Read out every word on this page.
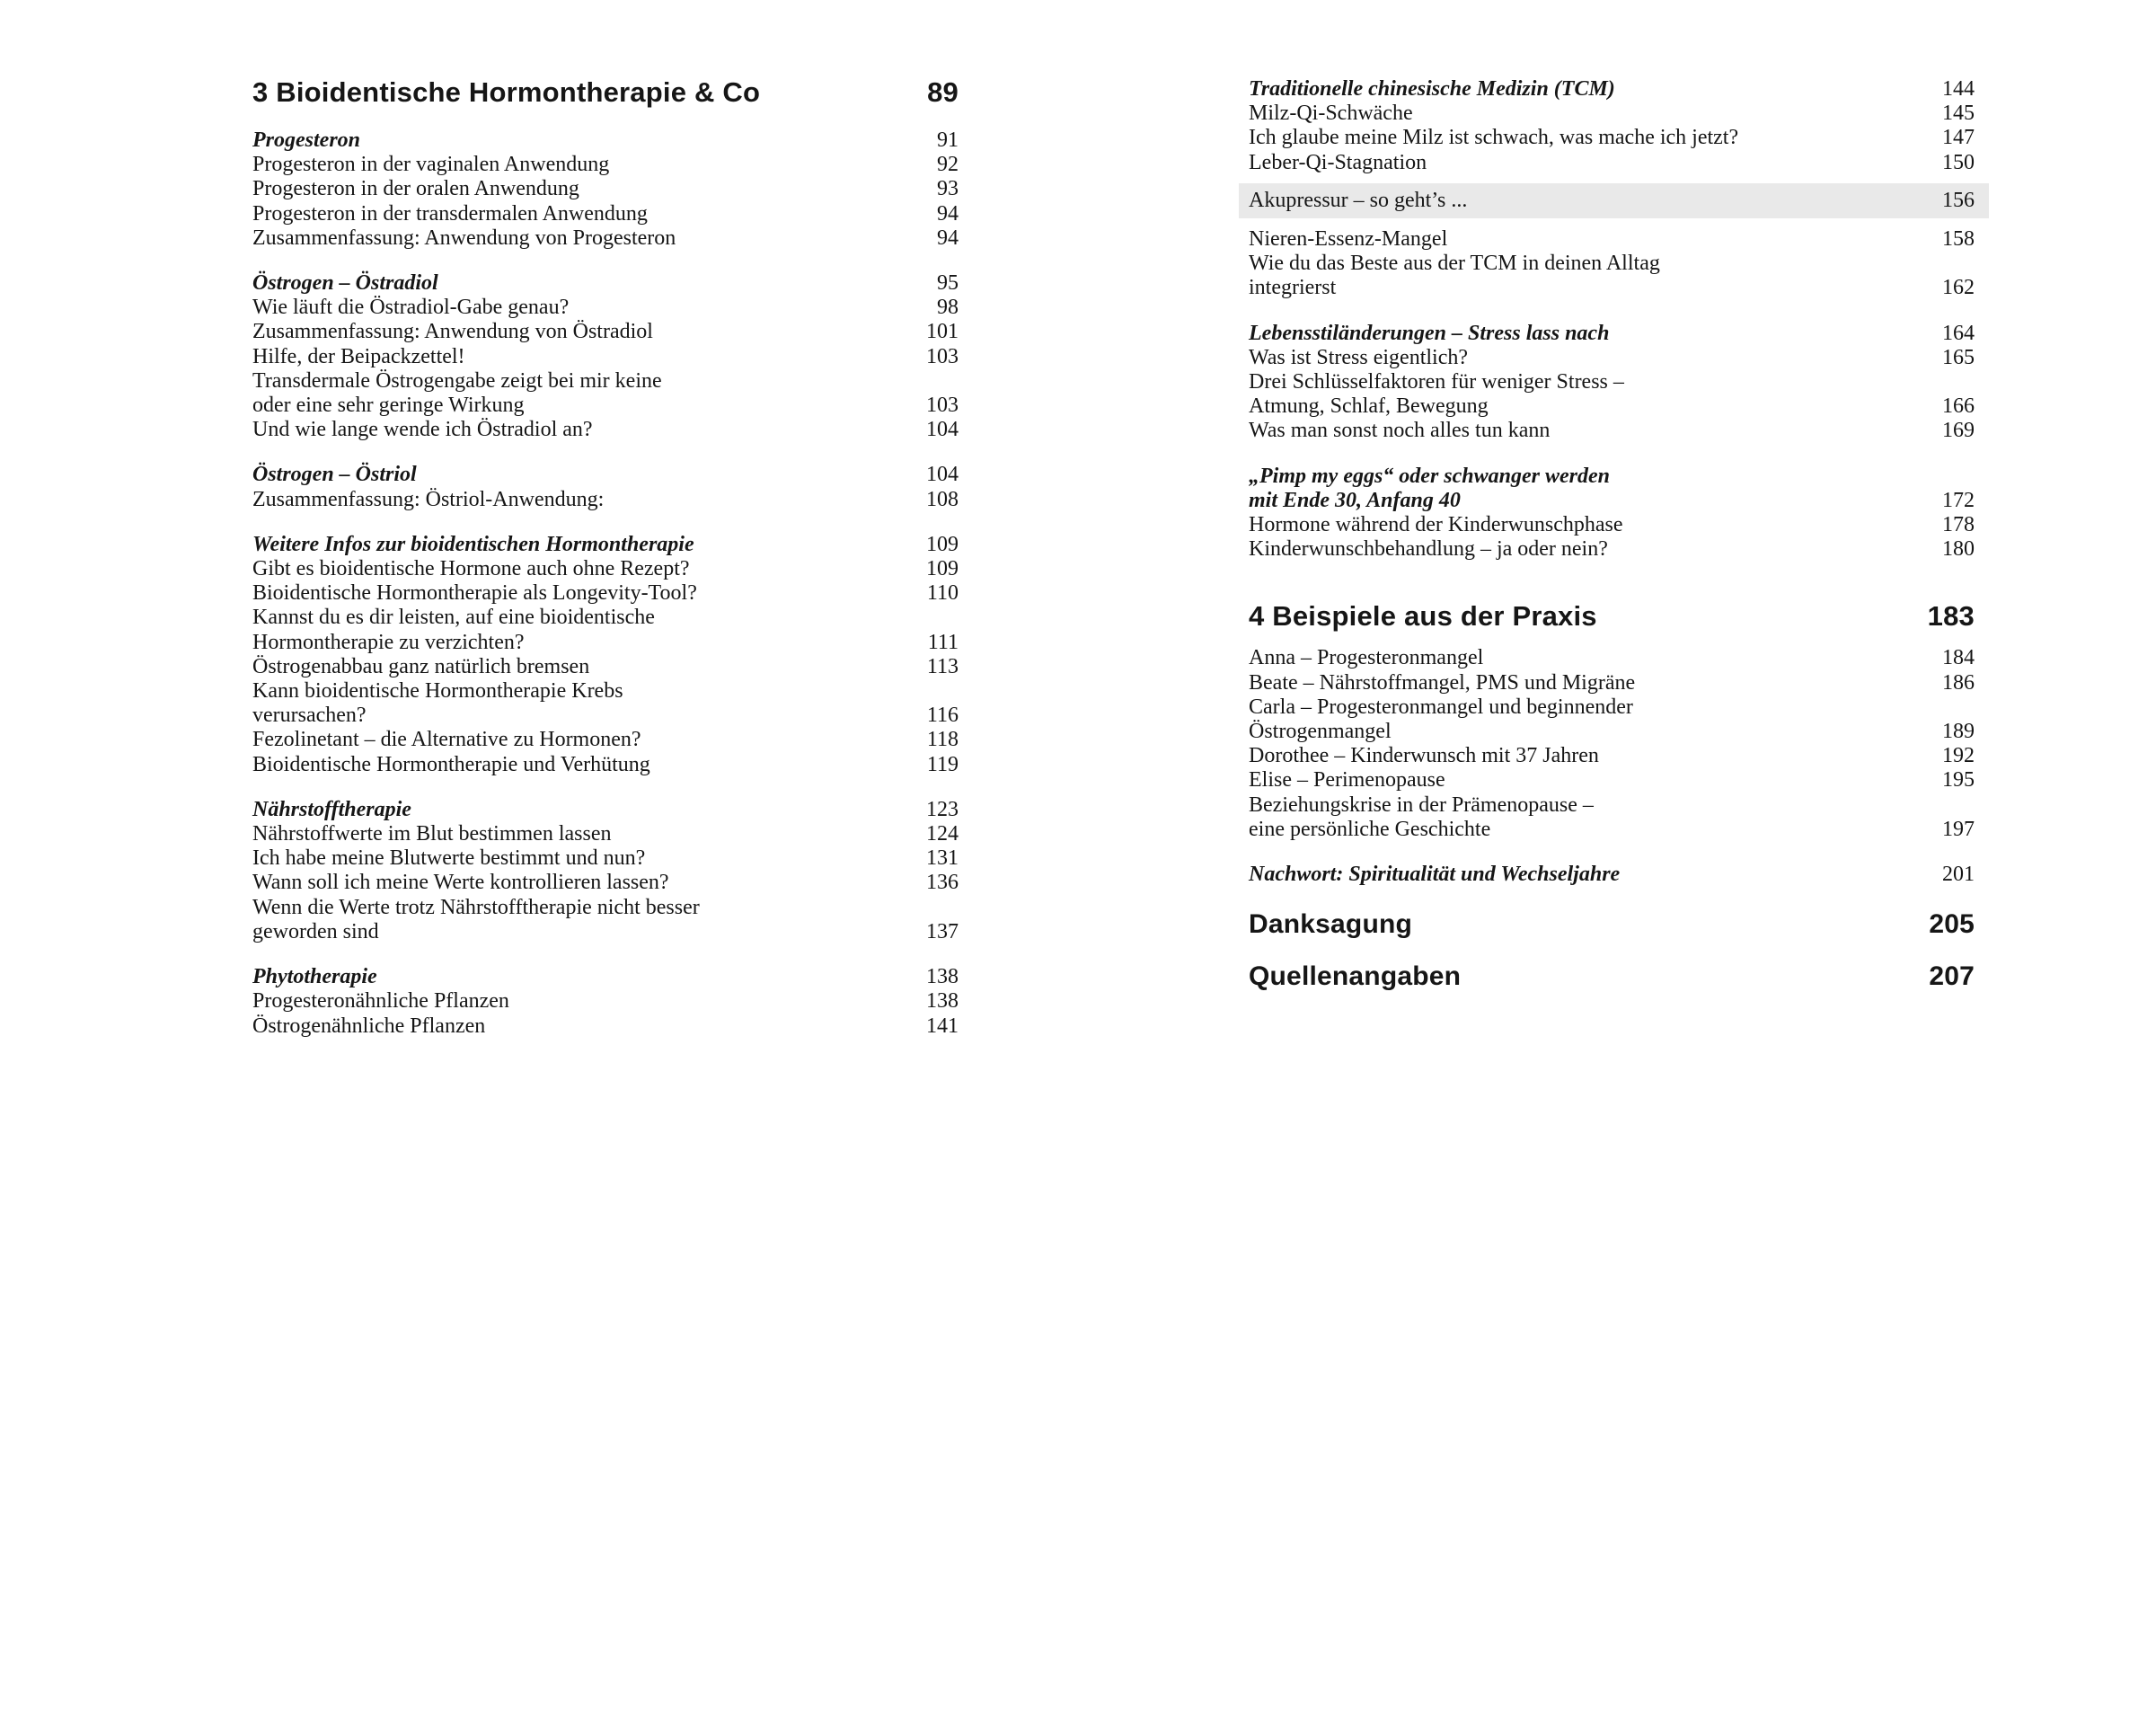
3 Bioidentische Hormontherapie & Co	89
Progesteron	91
Progesteron in der vaginalen Anwendung	92
Progesteron in der oralen Anwendung	93
Progesteron in der transdermalen Anwendung	94
Zusammenfassung: Anwendung von Progesteron	94
Östrogen – Östradiol	95
Wie läuft die Östradiol-Gabe genau?	98
Zusammenfassung: Anwendung von Östradiol	101
Hilfe, der Beipackzettel!	103
Transdermale Östrogengabe zeigt bei mir keine
oder eine sehr geringe Wirkung	103
Und wie lange wende ich Östradiol an?	104
Östrogen – Östriol	104
Zusammenfassung: Östriol-Anwendung:	108
Weitere Infos zur bioidentischen Hormontherapie	109
Gibt es bioidentische Hormone auch ohne Rezept?	109
Bioidentische Hormontherapie als Longevity-Tool?	110
Kannst du es dir leisten, auf eine bioidentische
Hormontherapie zu verzichten?	111
Östrogenabbau ganz natürlich bremsen	113
Kann bioidentische Hormontherapie Krebs
verursachen?	116
Fezolinetant – die Alternative zu Hormonen?	118
Bioidentische Hormontherapie und Verhütung	119
Nährstofftherapie	123
Nährstoffwerte im Blut bestimmen lassen	124
Ich habe meine Blutwerte bestimmt und nun?	131
Wann soll ich meine Werte kontrollieren lassen?	136
Wenn die Werte trotz Nährstofftherapie nicht besser
geworden sind	137
Phytotherapie	138
Progesteronähnliche Pflanzen	138
Östrogenähnliche Pflanzen	141
Traditionelle chinesische Medizin (TCM)	144
Milz-Qi-Schwäche	145
Ich glaube meine Milz ist schwach, was mache ich jetzt?	147
Leber-Qi-Stagnation	150
Akupressur – so geht’s ...	156
Nieren-Essenz-Mangel	158
Wie du das Beste aus der TCM in deinen Alltag
integrierst	162
Lebensstiländerungen – Stress lass nach	164
Was ist Stress eigentlich?	165
Drei Schlüsselfaktoren für weniger Stress –
Atmung, Schlaf, Bewegung	166
Was man sonst noch alles tun kann	169
„Pimp my eggs“ oder schwanger werden
mit Ende 30, Anfang 40	172
Hormone während der Kinderwunschphase	178
Kinderwunschbehandlung – ja oder nein?	180
4 Beispiele aus der Praxis	183
Anna – Progesteronmangel	184
Beate – Nährstoffmangel, PMS und Migräne	186
Carla – Progesteronmangel und beginnender
Östrogenmangel	189
Dorothee – Kinderwunsch mit 37 Jahren	192
Elise – Perimenopause	195
Beziehungskrise in der Prämenopause –
eine persönliche Geschichte	197
Nachwort: Spiritualität und Wechseljahre	201
Danksagung	205
Quellenangaben	207
